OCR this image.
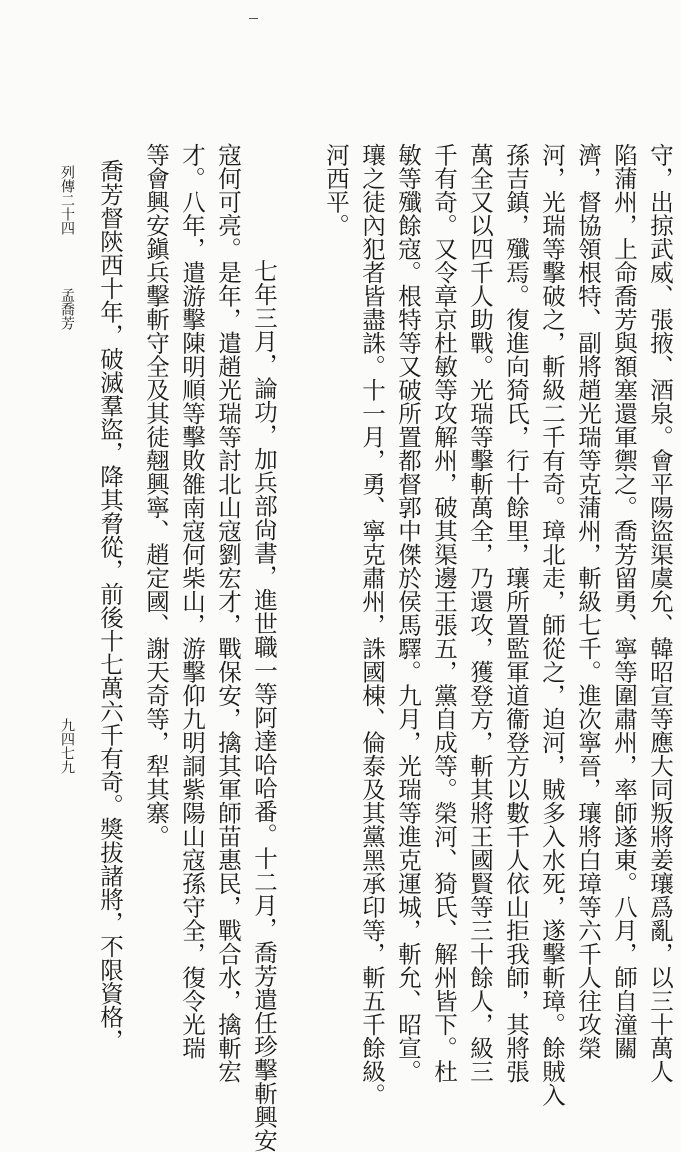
守，出掠武威、張掖、酒泉。會平陽盜渠虞允、韓昭宣等應大同叛將姜瓖爲亂，以三十萬人
陷蒲州，上命喬芳與額塞還軍禦之。喬芳留勇、寧等圍肅州，率師遂東。八月，師自潼關
濟，督協領根特、副將趙光瑞等克蒲州，斬級七千。進次寧晉，瓖將白璋等六千人往攻榮
河，光瑞等擊破之，斬級二千有奇。璋北走，師從之，迫河，賊多入水死，遂擊斬璋。餘賊入
孫吉鎮，殲焉。復進向猗氏，行十餘里，瓖所置監軍道衞登方以數千人依山拒我師，其將張
萬全又以四千人助戰。光瑞等擊斬萬全，乃還攻，獲登方，斬其將王國賢等三十餘人，級三
千有奇。又令章京杜敏等攻解州，破其渠邊王張五，黨自成等。榮河、猗氏、解州皆下。杜
敏等殲餘寇。根特等又破所置都督郭中傑於侯馬驛。九月，光瑞等進克運城，斬允、昭宣。
瓖之徒內犯者皆盡誅。十一月，勇、寧克肅州，誅國棟、倫泰及其黨黑承印等，斬五千餘級。
河西平。
七年三月，論功，加兵部尙書，進世職一等阿達哈哈番。十二月，喬芳遣任珍擊斬興安
寇何可亮。是年，遣趙光瑞等討北山寇劉宏才，戰保安，擒其軍師苗惠民，戰合水，擒斬宏
才。八年，遣游擊陳明順等擊敗雒南寇何柴山，游擊仰九明詷紫陽山寇孫守全，復令光瑞
等會興安鎭兵擊斬守全及其徒翹興寧、趙定國、謝天奇等，犁其寨。
喬芳督陝西十年，破滅羣盜，降其脅從，前後十七萬六千有奇。獎拔諸將，不限資格，
列傳二十四
孟喬芳
九四七九
